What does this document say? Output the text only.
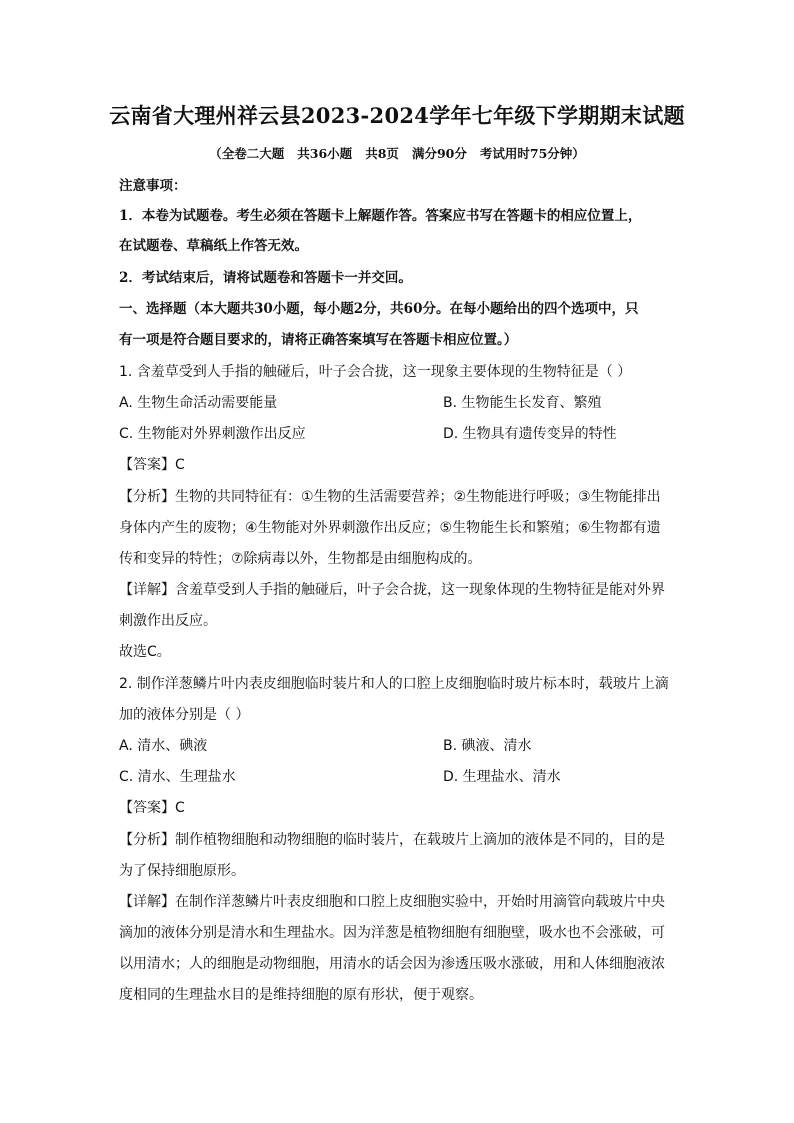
云南省大理州祥云县2023-2024学年七年级下学期期末试题
（全卷二大题   共36小题   共8页   满分90分   考试用时75分钟）
注意事项：
1．本卷为试题卷。考生必须在答题卡上解题作答。答案应书写在答题卡的相应位置上，
在试题卷、草稿纸上作答无效。
2．考试结束后，请将试题卷和答题卡一并交回。
一、选择题（本大题共30小题，每小题2分，共60分。在每小题给出的四个选项中，只
有一项是符合题目要求的，请将正确答案填写在答题卡相应位置。）
1. 含羞草受到人手指的触碰后，叶子会合拢，这一现象主要体现的生物特征是（ ）
A. 生物生命活动需要能量	B. 生物能生长发育、繁殖
C. 生物能对外界刺激作出反应	D. 生物具有遗传变异的特性
【答案】C
【分析】生物的共同特征有：①生物的生活需要营养；②生物能进行呼吸；③生物能排出
身体内产生的废物；④生物能对外界刺激作出反应；⑤生物能生长和繁殖；⑥生物都有遗
传和变异的特性；⑦除病毒以外，生物都是由细胞构成的。
【详解】含羞草受到人手指的触碰后，叶子会合拢，这一现象体现的生物特征是能对外界
刺激作出反应。
故选C。
2. 制作洋葱鳞片叶内表皮细胞临时装片和人的口腔上皮细胞临时玻片标本时，载玻片上滴
加的液体分别是（ ）
A. 清水、碘液	B. 碘液、清水
C. 清水、生理盐水	D. 生理盐水、清水
【答案】C
【分析】制作植物细胞和动物细胞的临时装片，在载玻片上滴加的液体是不同的，目的是
为了保持细胞原形。
【详解】在制作洋葱鳞片叶表皮细胞和口腔上皮细胞实验中，开始时用滴管向载玻片中央
滴加的液体分别是清水和生理盐水。因为洋葱是植物细胞有细胞壁，吸水也不会涨破，可
以用清水；人的细胞是动物细胞，用清水的话会因为渗透压吸水涨破，用和人体细胞液浓
度相同的生理盐水目的是维持细胞的原有形状，便于观察。
